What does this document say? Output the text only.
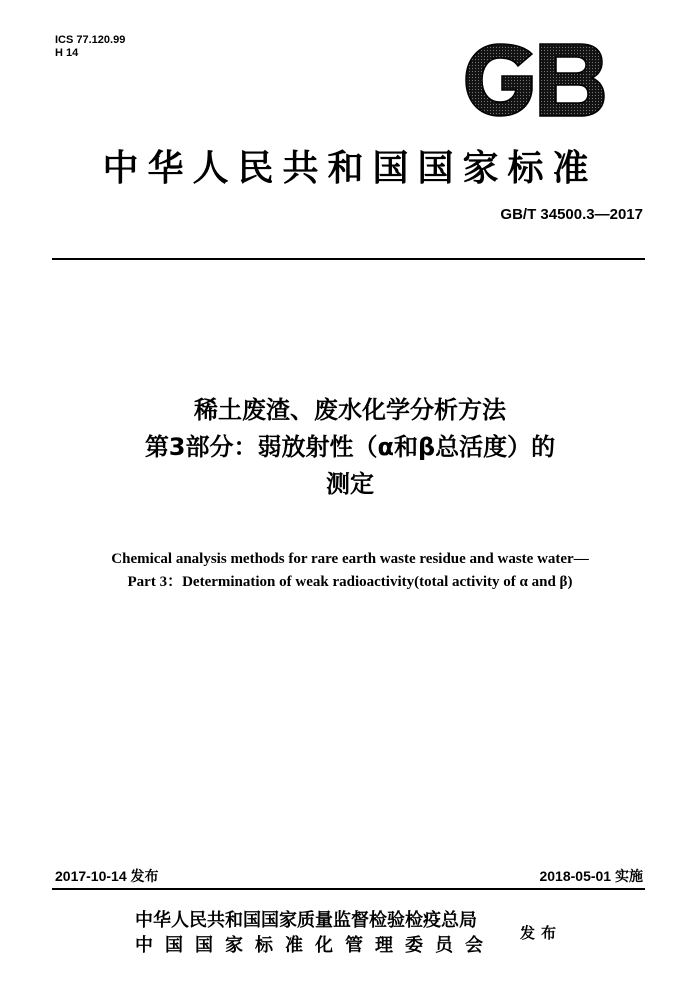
ICS 77.120.99
H 14
中华人民共和国国家标准
GB/T 34500.3—2017
稀土废渣、废水化学分析方法
第3部分：弱放射性（α和β总活度）的
测定
Chemical analysis methods for rare earth waste residue and waste water—
Part 3：Determination of weak radioactivity(total activity of α and β)
2017-10-14 发布	2018-05-01 实施
中华人民共和国国家质量监督检验检疫总局
中国国家标准化管理委员会
发布
